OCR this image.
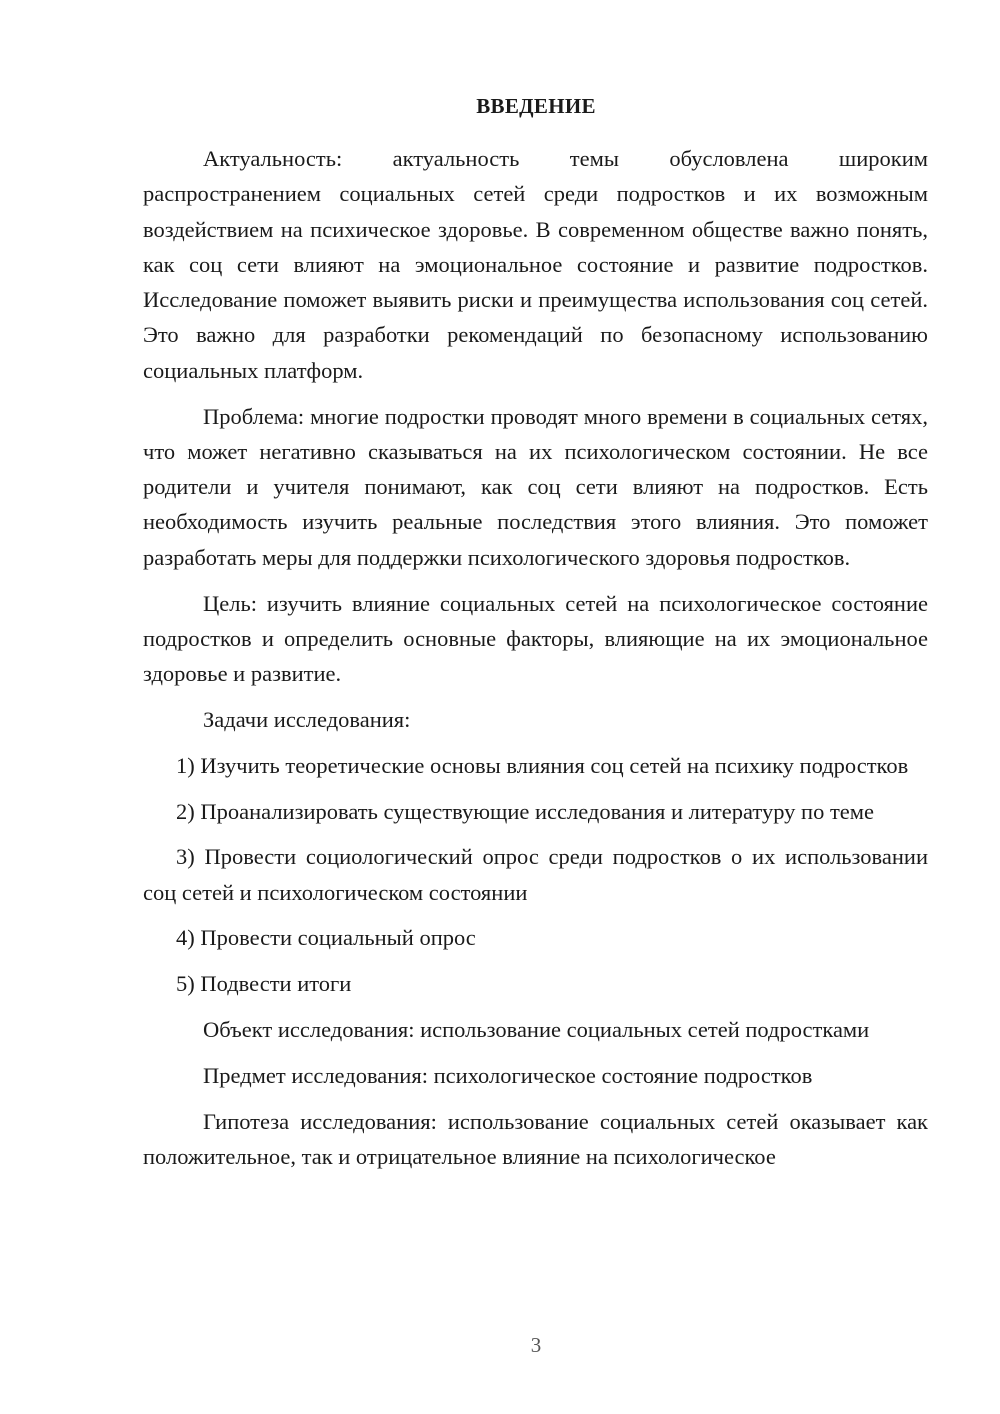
ВВЕДЕНИЕ

Актуальность: актуальность темы обусловлена широким распространением социальных сетей среди подростков и их возможным воздействием на психическое здоровье. В современном обществе важно понять, как соц сети влияют на эмоциональное состояние и развитие подростков. Исследование поможет выявить риски и преимущества использования соц сетей. Это важно для разработки рекомендаций по безопасному использованию социальных платформ.

Проблема: многие подростки проводят много времени в социальных сетях, что может негативно сказываться на их психологическом состоянии. Не все родители и учителя понимают, как соц сети влияют на подростков. Есть необходимость изучить реальные последствия этого влияния. Это поможет разработать меры для поддержки психологического здоровья подростков.

Цель: изучить влияние социальных сетей на психологическое состояние подростков и определить основные факторы, влияющие на их эмоциональное здоровье и развитие.

Задачи исследования:

1) Изучить теоретические основы влияния соц сетей на психику подростков

2) Проанализировать существующие исследования и литературу по теме

3) Провести социологический опрос среди подростков о их использовании соц сетей и психологическом состоянии

4) Провести социальный опрос

5) Подвести итоги

Объект исследования: использование социальных сетей подростками

Предмет исследования: психологическое состояние подростков

Гипотеза исследования: использование социальных сетей оказывает как положительное, так и отрицательное влияние на психологическое

3
